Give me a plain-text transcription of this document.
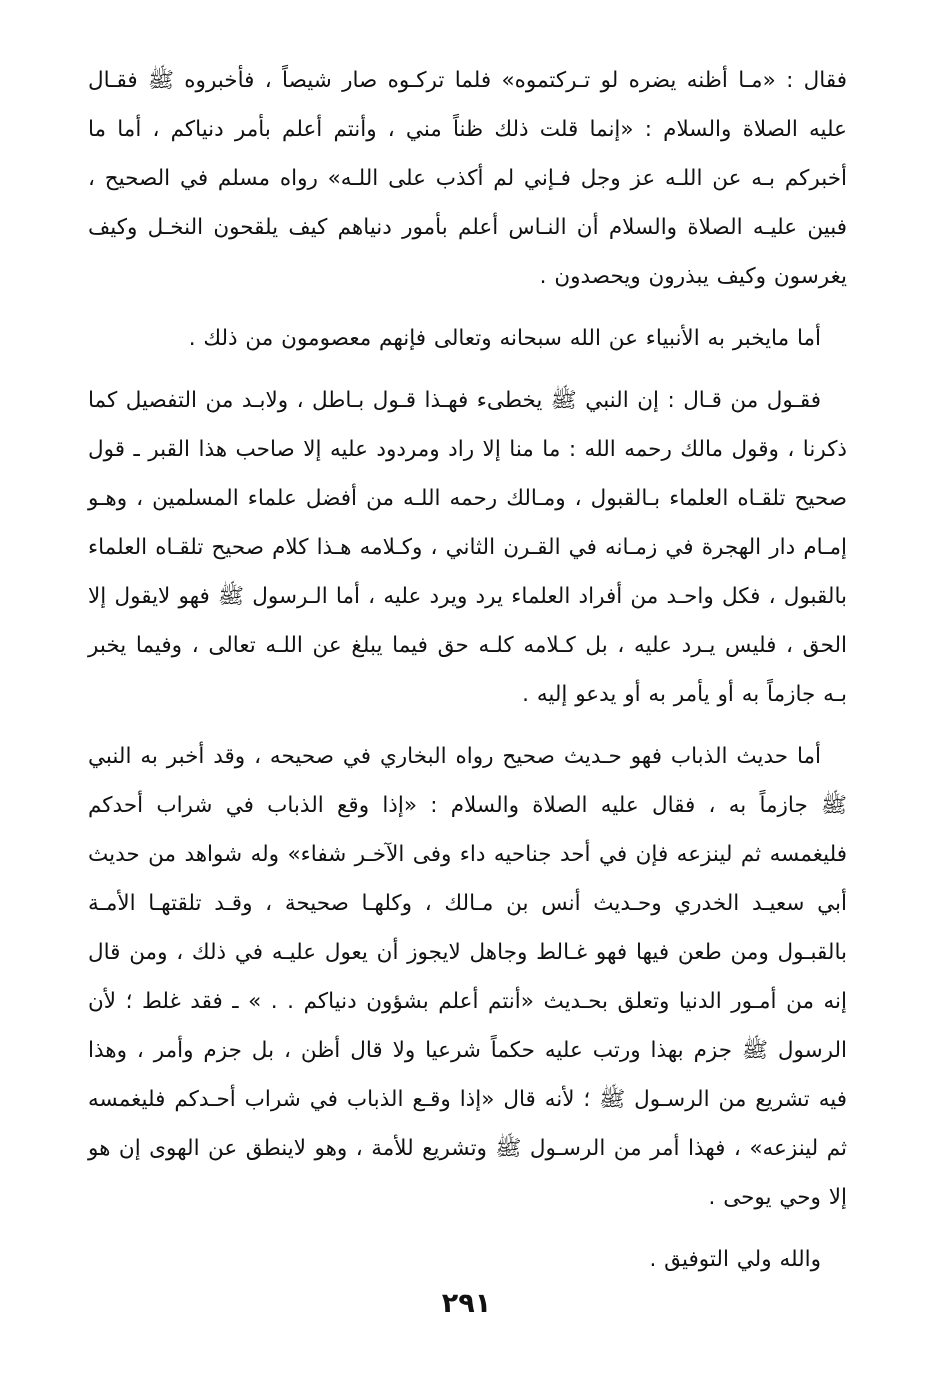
فقال : «مـا أظنه يضره لو تـركتموه» فلما تركـوه صار شيصاً ، فأخبروه ﷺ فقـال عليه الصلاة والسلام : «إنما قلت ذلك ظناً مني ، وأنتم أعلم بأمر دنياكم ، أما ما أخبركم بـه عن اللـه عز وجل فـإني لم أكذب على اللـه» رواه مسلم في الصحيح ، فبين عليـه الصلاة والسلام أن النـاس أعلم بأمور دنياهم كيف يلقحون النخـل وكيف يغرسون وكيف يبذرون ويحصدون .

أما مايخبر به الأنبياء عن الله سبحانه وتعالى فإنهم معصومون من ذلك .

فقـول من قـال : إن النبي ﷺ يخطىء فهـذا قـول بـاطل ، ولابـد من التفصيل كما ذكرنا ، وقول مالك رحمه الله : ما منا إلا راد ومردود عليه إلا صاحب هذا القبر ـ قول صحيح تلقـاه العلماء بـالقبول ، ومـالك رحمه اللـه من أفضل علماء المسلمين ، وهـو إمـام دار الهجرة في زمـانه في القـرن الثاني ، وكـلامه هـذا كلام صحيح تلقـاه العلماء بالقبول ، فكل واحـد من أفراد العلماء يرد ويرد عليه ، أما الـرسول ﷺ فهو لايقول إلا الحق ، فليس يـرد عليه ، بل كـلامه كلـه حق فيما يبلغ عن اللـه تعالى ، وفيما يخبر بـه جازماً به أو يأمر به أو يدعو إليه .

أما حديث الذباب فهو حـديث صحيح رواه البخاري في صحيحه ، وقد أخبر به النبي ﷺ جازماً به ، فقال عليه الصلاة والسلام : «إذا وقع الذباب في شراب أحدكم فليغمسه ثم لينزعه فإن في أحد جناحيه داء وفى الآخـر شفاء» وله شواهد من حديث أبي سعيـد الخدري وحـديث أنس بن مـالك ، وكلهـا صحيحة ، وقـد تلقتهـا الأمـة بالقبـول ومن طعن فيها فهو غـالط وجاهل لايجوز أن يعول عليـه في ذلك ، ومن قال إنه من أمـور الدنيا وتعلق بحـديث «أنتم أعلم بشؤون دنياكم . . » ـ فقد غلط ؛ لأن الرسول ﷺ جزم بهذا ورتب عليه حكماً شرعيا ولا قال أظن ، بل جزم وأمر ، وهذا فيه تشريع من الرسـول ﷺ ؛ لأنه قال «إذا وقـع الذباب في شراب أحـدكم فليغمسه ثم لينزعه» ، فهذا أمر من الرسـول ﷺ وتشريع للأمة ، وهو لاينطق عن الهوى إن هو إلا وحي يوحى .

والله ولي التوفيق .

٢٩١
